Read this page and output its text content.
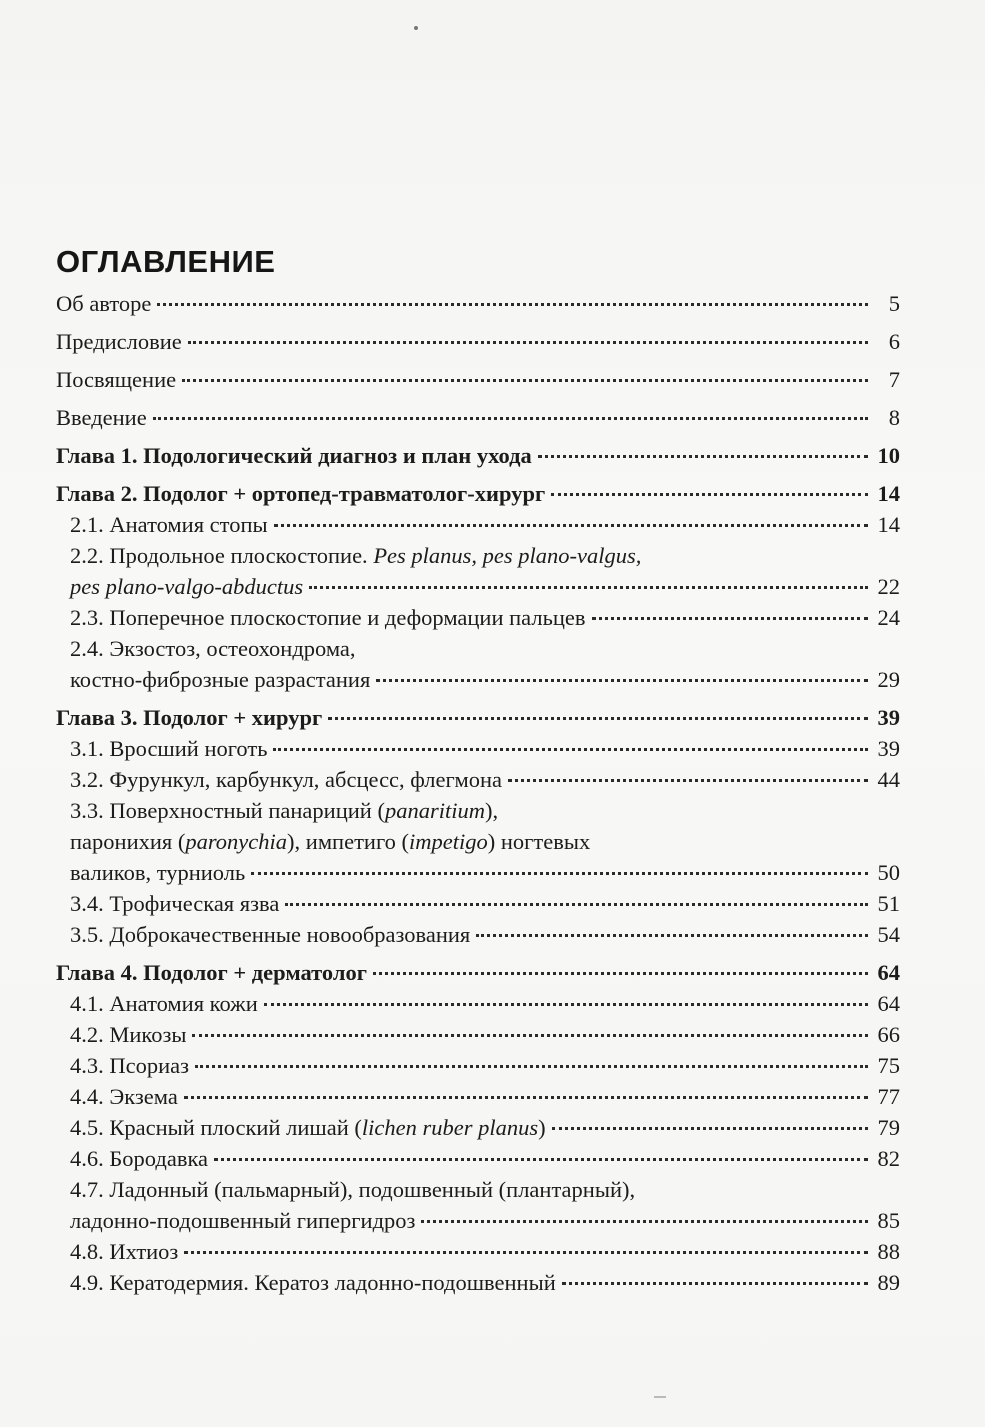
ОГЛАВЛЕНИЕ
Об авторе	5
Предисловие	6
Посвящение	7
Введение	8
Глава 1. Подологический диагноз и план ухода	10
Глава 2. Подолог + ортопед-травматолог-хирург	14
2.1. Анатомия стопы	14
2.2. Продольное плоскостопие. Pes planus, pes plano-valgus,
pes plano-valgo-abductus	22
2.3. Поперечное плоскостопие и деформации пальцев	24
2.4. Экзостоз, остеохондрома,
костно-фиброзные разрастания	29
Глава 3. Подолог + хирург	39
3.1. Вросший ноготь	39
3.2. Фурункул, карбункул, абсцесс, флегмона	44
3.3. Поверхностный панариций (panaritium),
паронихия (paronychia), импетиго (impetigo) ногтевых
валиков, турниоль	50
3.4. Трофическая язва	51
3.5. Доброкачественные новообразования	54
Глава 4. Подолог + дерматолог	64
4.1. Анатомия кожи	64
4.2. Микозы	66
4.3. Псориаз	75
4.4. Экзема	77
4.5. Красный плоский лишай (lichen ruber planus)	79
4.6. Бородавка	82
4.7. Ладонный (пальмарный), подошвенный (плантарный),
ладонно-подошвенный гипергидроз	85
4.8. Ихтиоз	88
4.9. Кератодермия. Кератоз ладонно-подошвенный	89
